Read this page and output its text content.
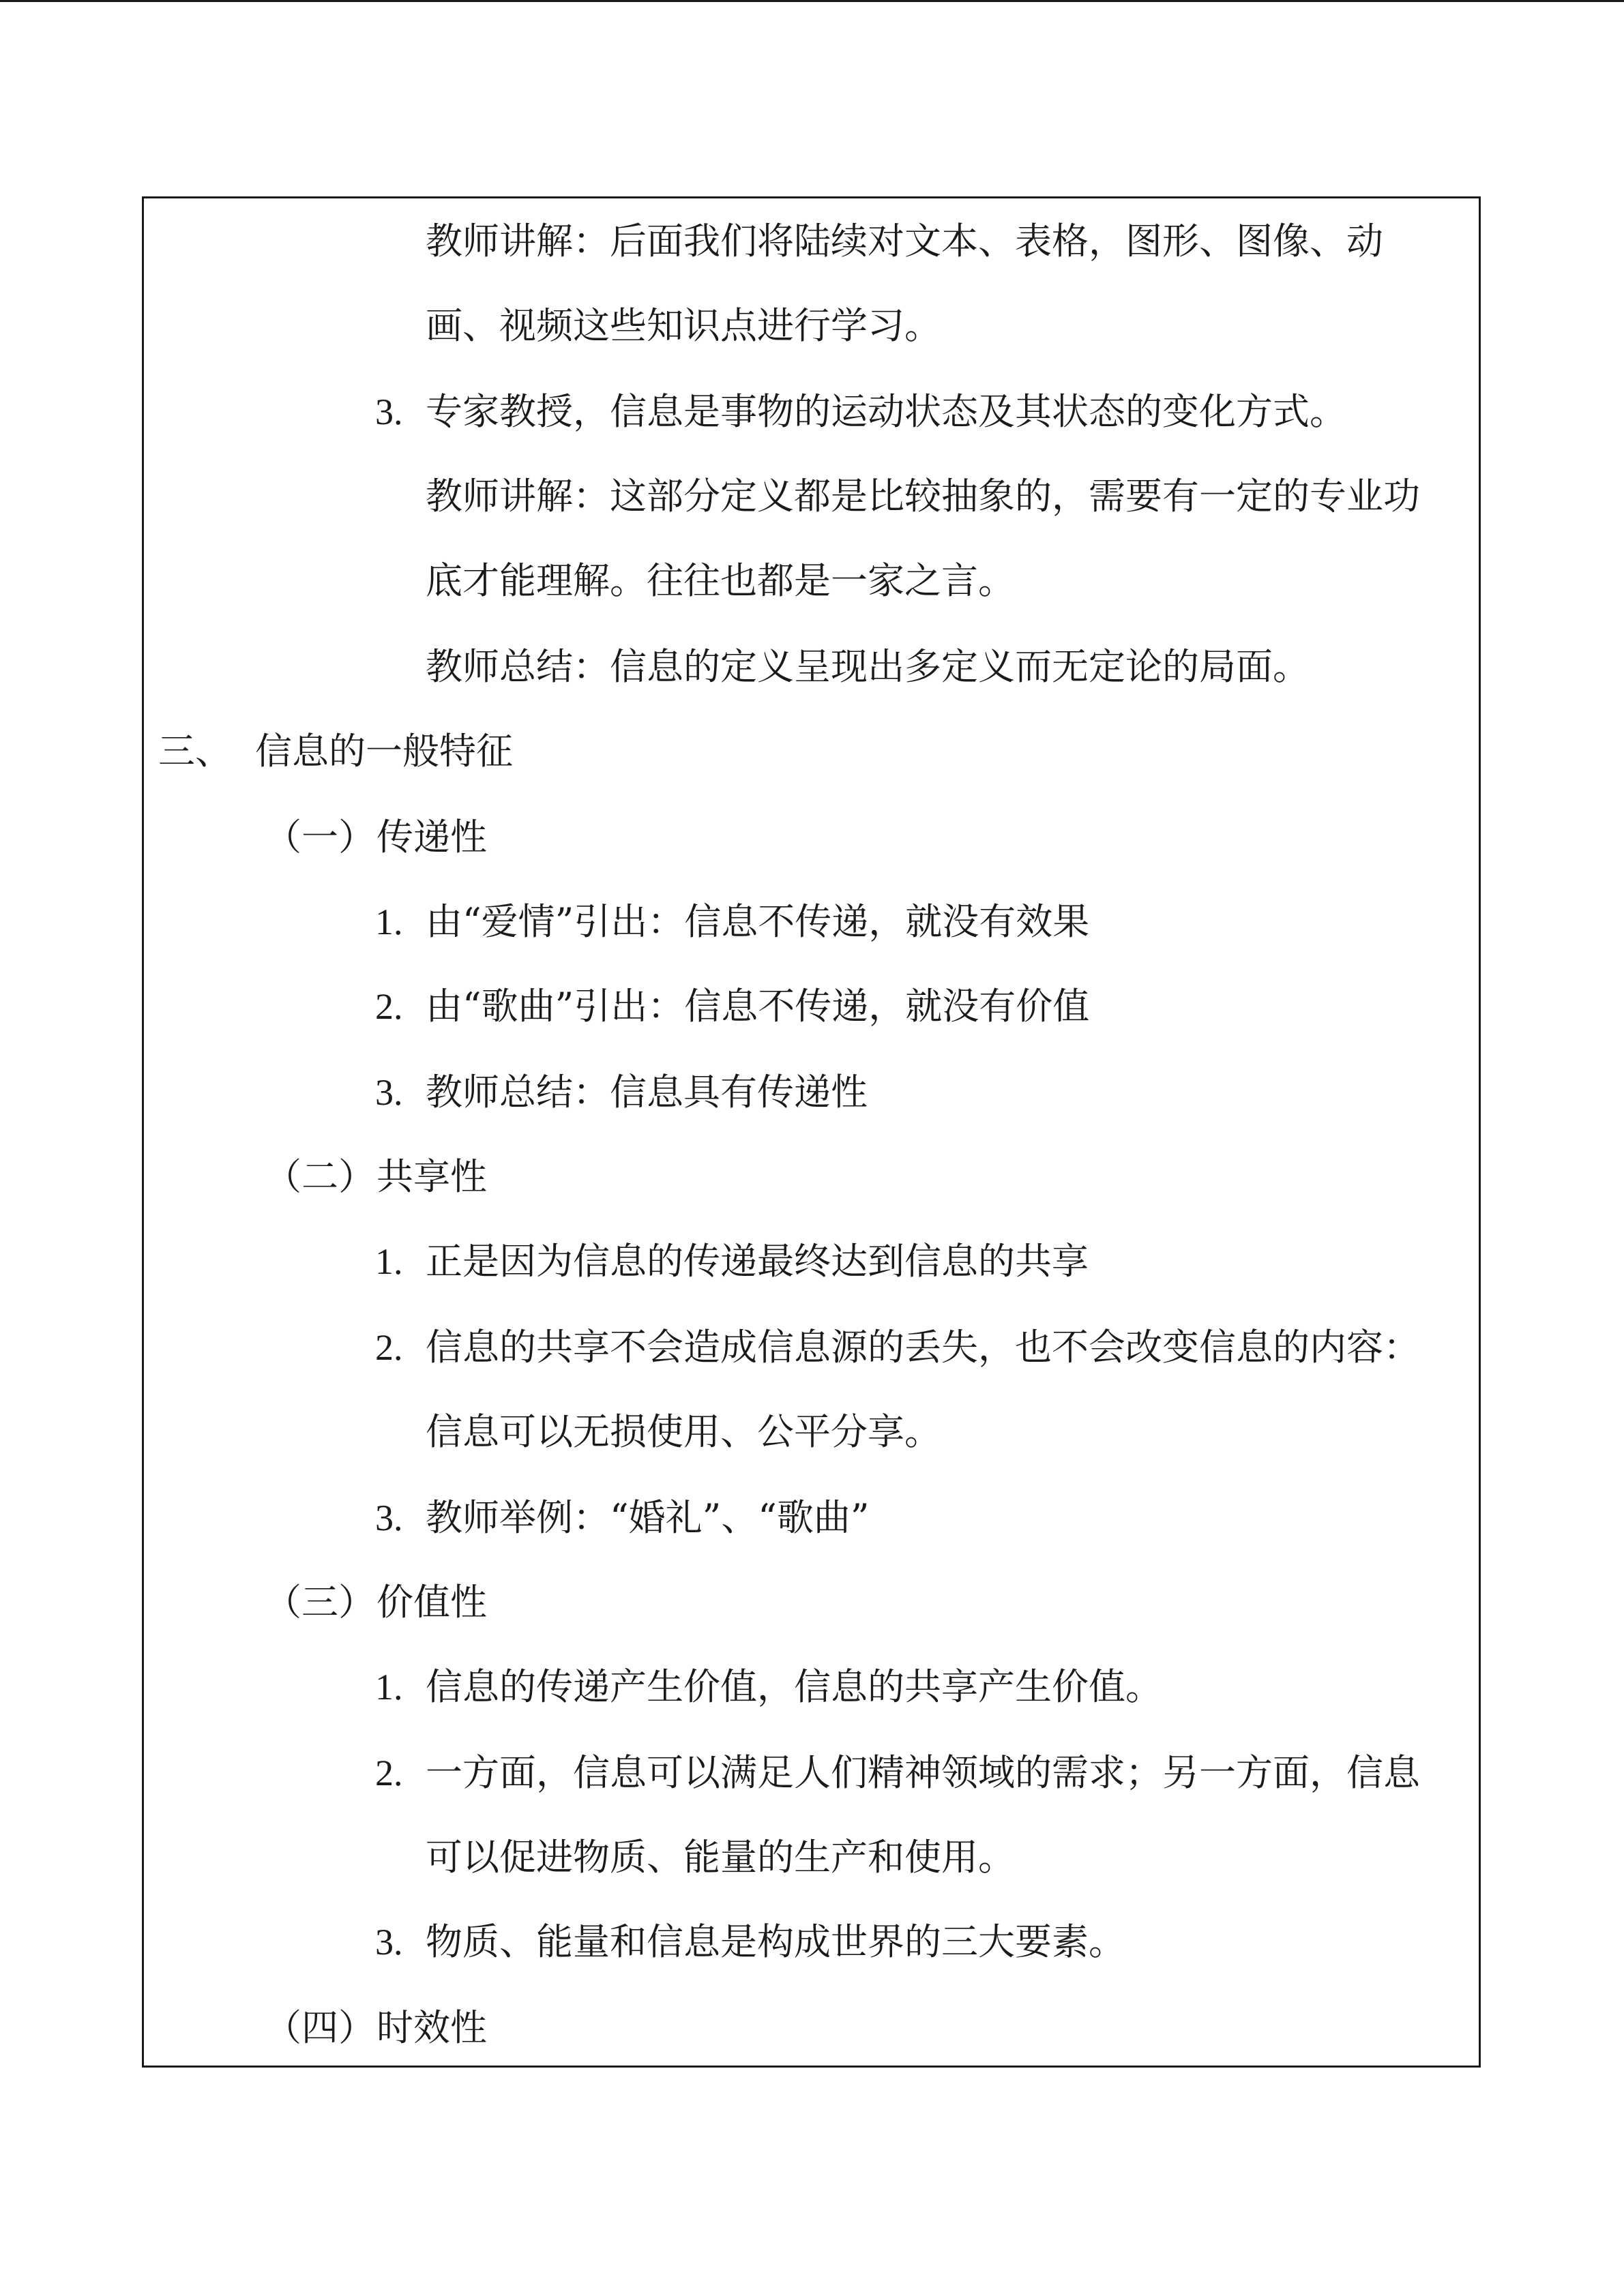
教师讲解：后面我们将陆续对文本、表格，图形、图像、动
画、视频这些知识点进行学习。
3. 专家教授，信息是事物的运动状态及其状态的变化方式。
教师讲解：这部分定义都是比较抽象的，需要有一定的专业功
底才能理解。往往也都是一家之言。
教师总结：信息的定义呈现出多定义而无定论的局面。
三、 信息的一般特征
（一） 传递性
1. 由“爱情”引出：信息不传递，就没有效果
2. 由“歌曲”引出：信息不传递，就没有价值
3. 教师总结：信息具有传递性
（二） 共享性
1. 正是因为信息的传递最终达到信息的共享
2. 信息的共享不会造成信息源的丢失，也不会改变信息的内容：
信息可以无损使用、公平分享。
3. 教师举例：“婚礼”、“歌曲”
（三） 价值性
1. 信息的传递产生价值，信息的共享产生价值。
2. 一方面，信息可以满足人们精神领域的需求；另一方面，信息
可以促进物质、能量的生产和使用。
3. 物质、能量和信息是构成世界的三大要素。
（四） 时效性
